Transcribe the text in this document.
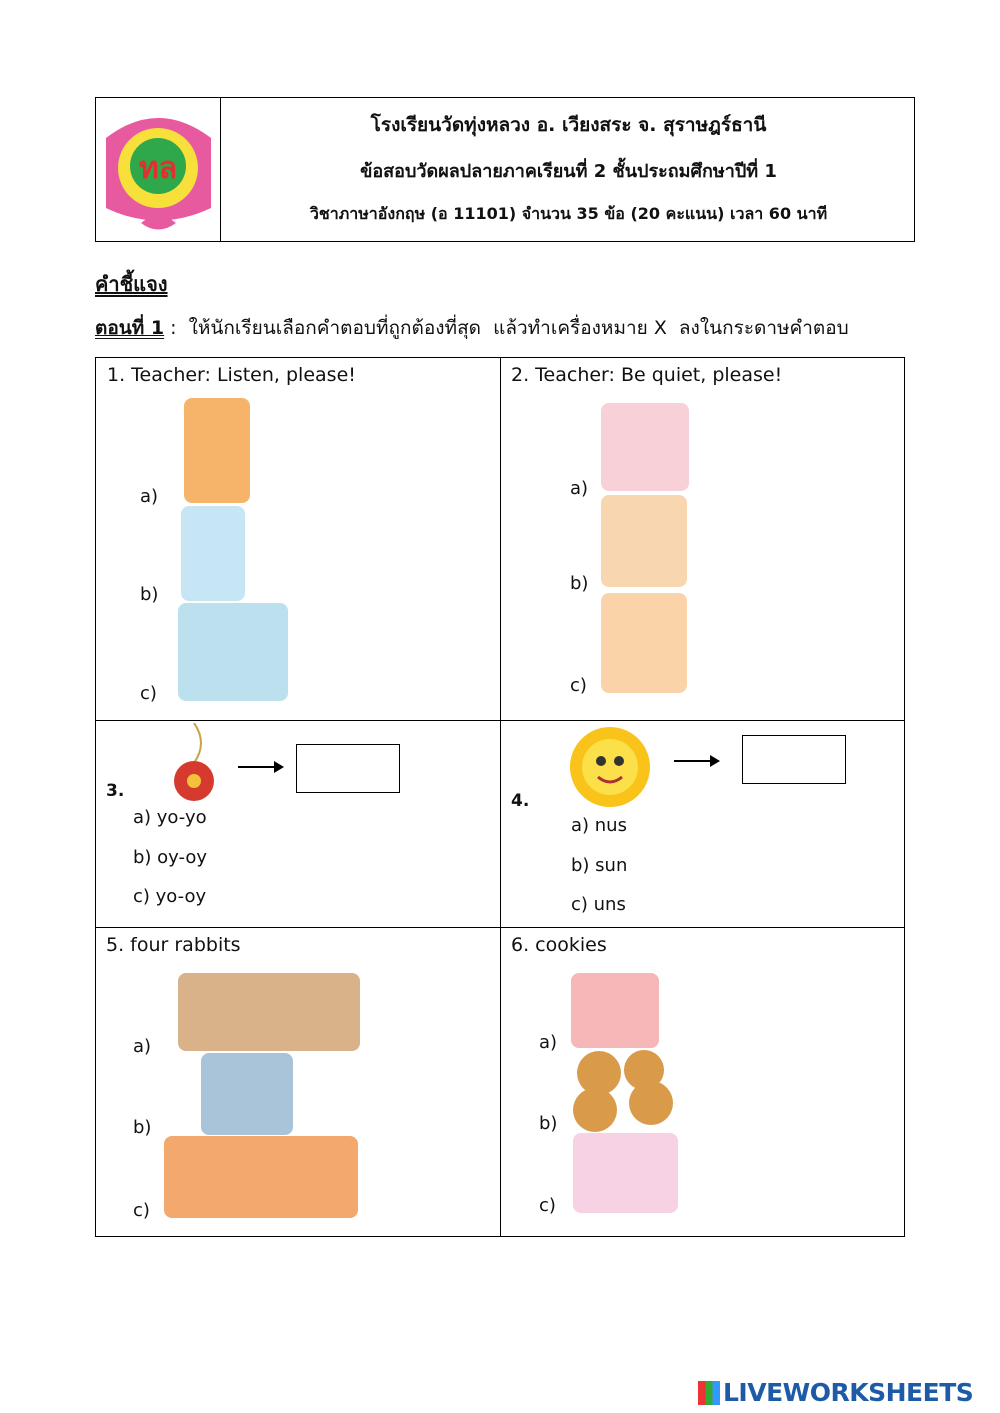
ทล
โรงเรียนวัดทุ่งหลวง อ. เวียงสระ จ. สุราษฎร์ธานี
ข้อสอบวัดผลปลายภาคเรียนที่ 2 ชั้นประถมศึกษาปีที่ 1
วิชาภาษาอังกฤษ (อ 11101) จำนวน 35 ข้อ (20 คะแนน) เวลา 60 นาที
คำชี้แจง
ตอนที่ 1 :  ให้นักเรียนเลือกคำตอบที่ถูกต้องที่สุด  แล้วทำเครื่องหมาย X  ลงในกระดาษคำตอบ
1. Teacher: Listen, please!
a)
b)
c)
2. Teacher: Be quiet, please!
a)
b)
c)
3.
a) yo-yo
b) oy-oy
c) yo-oy
4.
a) nus
b) sun
c) uns
5. four rabbits
a)
b)
c)
6. cookies
a)
b)
c)
LIVEWORKSHEETS
